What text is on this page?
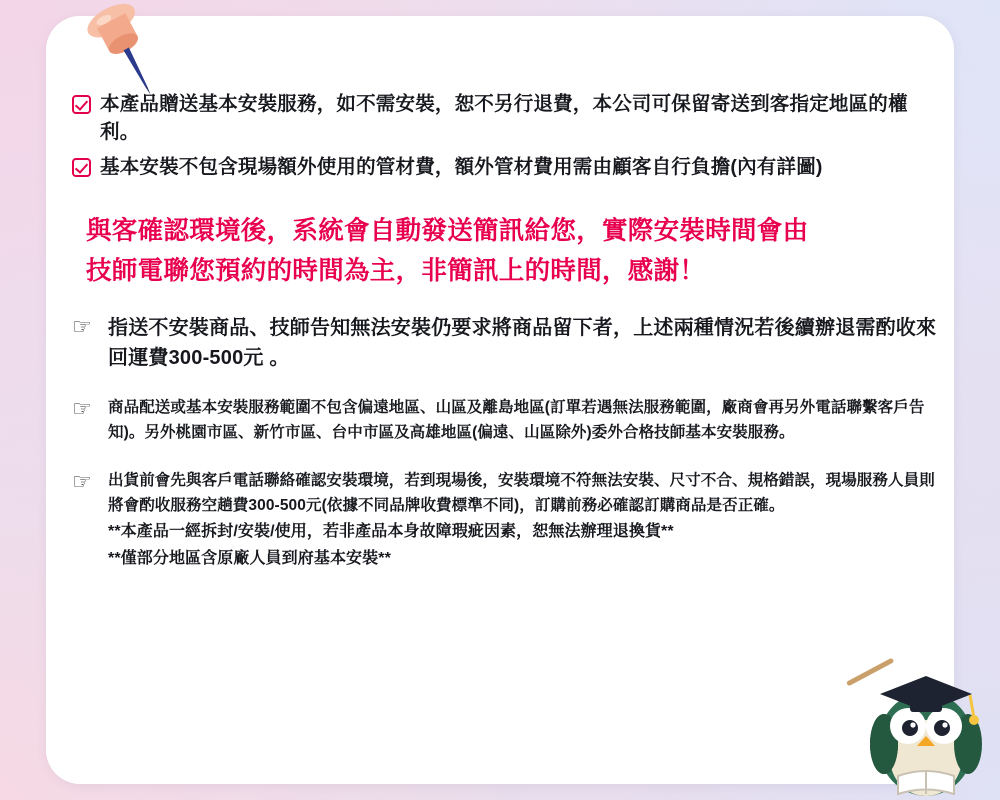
本產品贈送基本安裝服務，如不需安裝，恕不另行退費，本公司可保留寄送到客指定地區的權利。
基本安裝不包含現場額外使用的管材費，額外管材費用需由顧客自行負擔(內有詳圖)
與客確認環境後，系統會自動發送簡訊給您，實際安裝時間會由
技師電聯您預約的時間為主，非簡訊上的時間，感謝！
☞ 指送不安裝商品、技師告知無法安裝仍要求將商品留下者，上述兩種情況若後續辦退需酌收來回運費300-500元 。
☞	商品配送或基本安裝服務範圍不包含偏遠地區、山區及離島地區(訂單若遇無法服務範圍，廠商會再另外電話聯繫客戶告知)。另外桃園市區、新竹市區、台中市區及高雄地區(偏遠、山區除外)委外合格技師基本安裝服務。
☞	出貨前會先與客戶電話聯絡確認安裝環境，若到現場後，安裝環境不符無法安裝、尺寸不合、規格錯誤，現場服務人員則將會酌收服務空趟費300-500元(依據不同品牌收費標準不同)，訂購前務必確認訂購商品是否正確。
**本產品一經拆封/安裝/使用，若非產品本身故障瑕疵因素，恕無法辦理退換貨**
**僅部分地區含原廠人員到府基本安裝**
